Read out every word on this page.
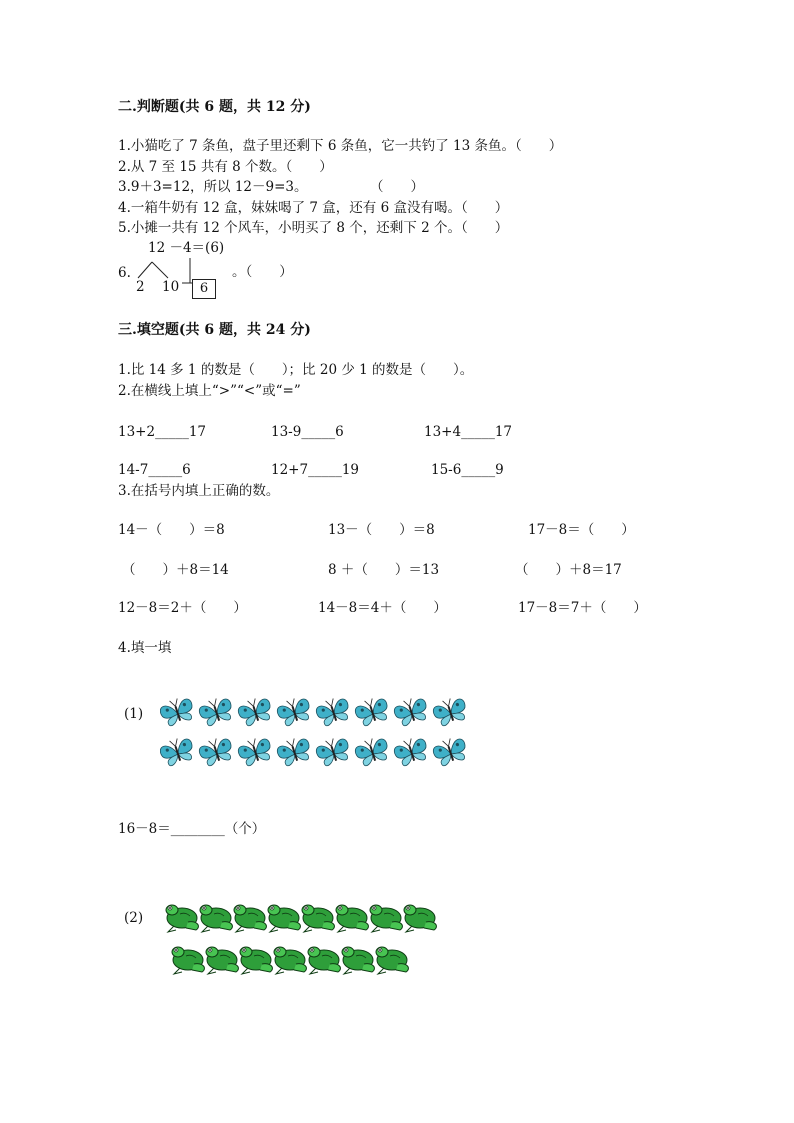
二.判断题(共 6 题，共 12 分)
1.小猫吃了 7 条鱼，盘子里还剩下 6 条鱼，它一共钓了 13 条鱼。（　　）
2.从 7 至 15 共有 8 个数。（　　）
3.9＋3=12，所以 12－9=3。	（　　）
4.一箱牛奶有 12 盒，妹妹喝了 7 盒，还有 6 盒没有喝。（　　）
5.小摊一共有 12 个风车，小明买了 8 个，还剩下 2 个。（　　）
12 －4＝(6)
6.
2 10	6
。（　　）
三.填空题(共 6 题，共 24 分)
1.比 14 多 1 的数是（　　）；比 20 少 1 的数是（　　）。
2.在横线上填上“>”“<”或“=”
13+2_____17	13-9_____6	13+4_____17
14-7_____6	12+7_____19	15-6_____9
3.在括号内填上正确的数。
14－（　　）＝8	13－（　　）＝8	17－8＝（　　）
（　　）＋8＝14	8 ＋（　　）＝13	（　　）＋8＝17
12－8＝2＋（　　）	14－8＝4＋（　　）	17－8＝7＋（　　）
4.填一填
(1)
16－8＝________（个）
(2)
